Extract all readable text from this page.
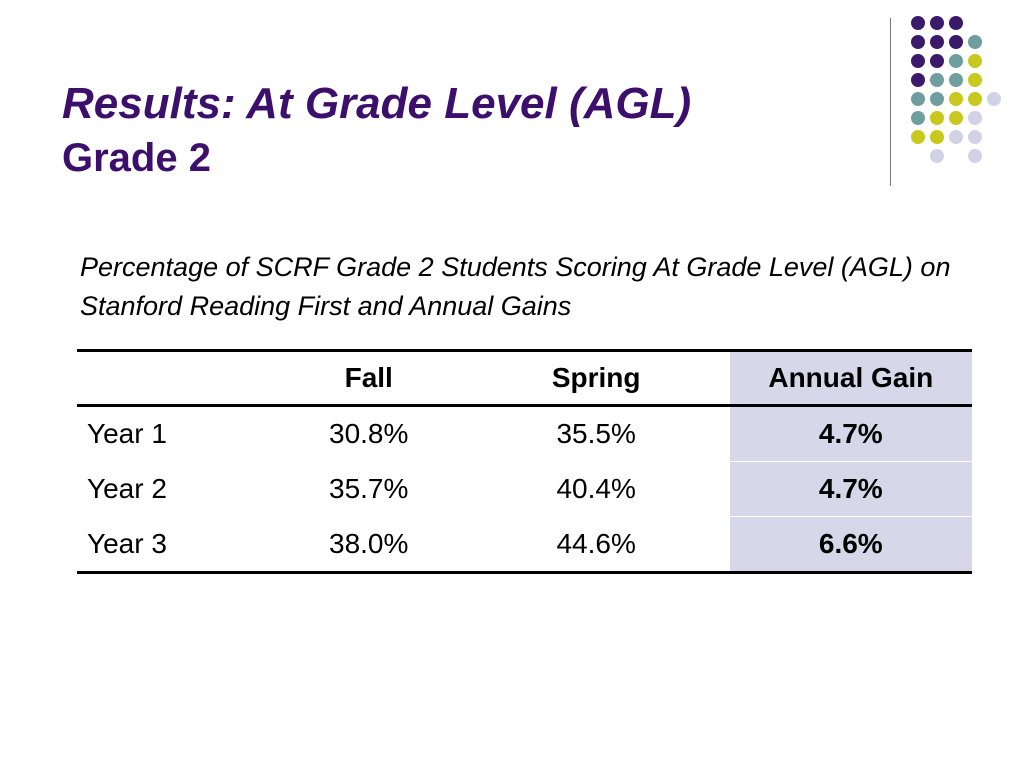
Results: At Grade Level (AGL)
Grade 2

Percentage of SCRF Grade 2 Students Scoring At Grade Level (AGL) on Stanford Reading First and Annual Gains

	Fall	Spring	Annual Gain
Year 1	30.8%	35.5%	4.7%
Year 2	35.7%	40.4%	4.7%
Year 3	38.0%	44.6%	6.6%
